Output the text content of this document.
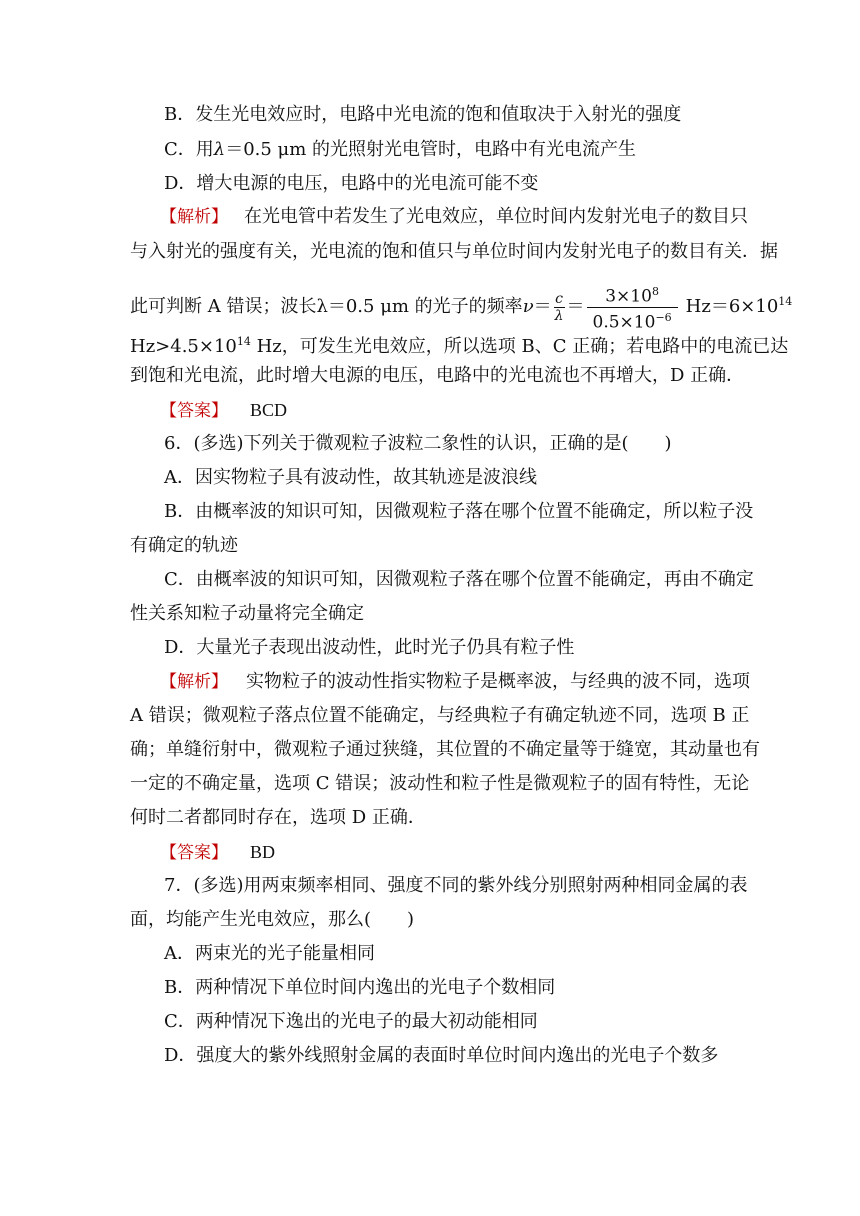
B．发生光电效应时，电路中光电流的饱和值取决于入射光的强度
C．用λ＝0.5 μm 的光照射光电管时，电路中有光电流产生
D．增大电源的电压，电路中的光电流可能不变
【解析】 在光电管中若发生了光电效应，单位时间内发射光电子的数目只
与入射光的强度有关，光电流的饱和值只与单位时间内发射光电子的数目有关．据
此可判断 A 错误；波长λ＝0.5 μm 的光子的频率$\nu= \frac{c}{\lambda} = \frac{3\times 10^8}{0.5\times 10^{-6}} Hz=6\times 10^{14}$
$Hz>4.5\times 10^{14}$ Hz，可发生光电效应，所以选项 B、C 正确；若电路中的电流已达
到饱和光电流，此时增大电源的电压，电路中的光电流也不再增大，D 正确．
【答案】 BCD
6．(多选)下列关于微观粒子波粒二象性的认识，正确的是(　　)
A．因实物粒子具有波动性，故其轨迹是波浪线
B．由概率波的知识可知，因微观粒子落在哪个位置不能确定，所以粒子没
有确定的轨迹
C．由概率波的知识可知，因微观粒子落在哪个位置不能确定，再由不确定
性关系知粒子动量将完全确定
D．大量光子表现出波动性，此时光子仍具有粒子性
【解析】 实物粒子的波动性指实物粒子是概率波，与经典的波不同，选项
A 错误；微观粒子落点位置不能确定，与经典粒子有确定轨迹不同，选项 B 正
确；单缝衍射中，微观粒子通过狭缝，其位置的不确定量等于缝宽，其动量也有
一定的不确定量，选项 C 错误；波动性和粒子性是微观粒子的固有特性，无论
何时二者都同时存在，选项 D 正确．
【答案】 BD
7．(多选)用两束频率相同、强度不同的紫外线分别照射两种相同金属的表
面，均能产生光电效应，那么(　　)
A．两束光的光子能量相同
B．两种情况下单位时间内逸出的光电子个数相同
C．两种情况下逸出的光电子的最大初动能相同
D．强度大的紫外线照射金属的表面时单位时间内逸出的光电子个数多
